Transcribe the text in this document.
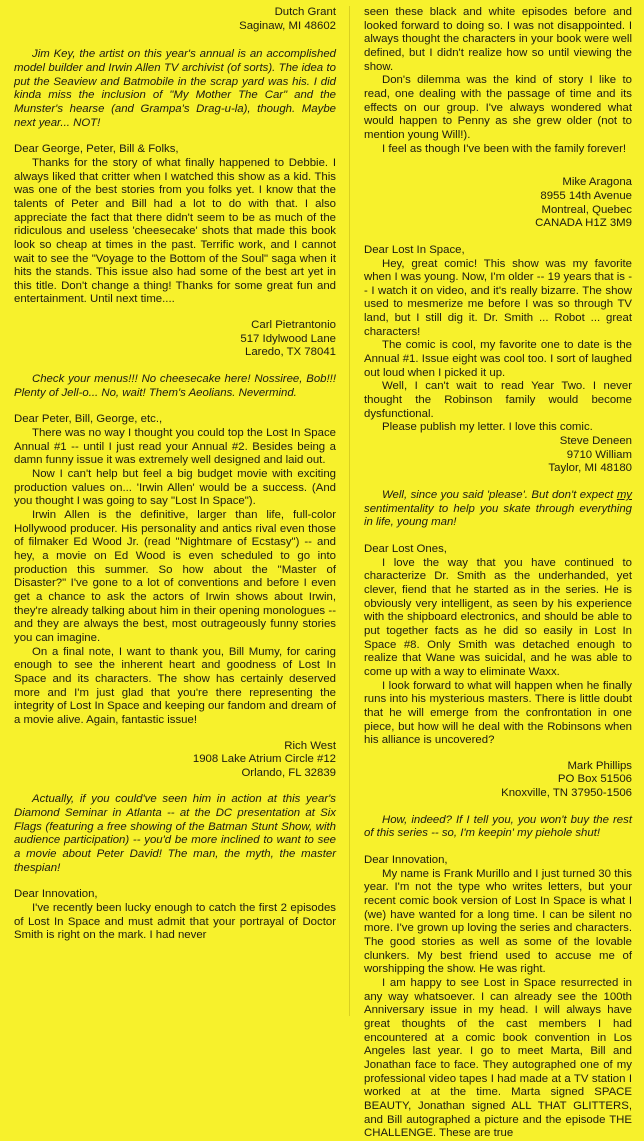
Dutch Grant

Saginaw, MI 48602

Jim Key, the artist on this year's annual is an accomplished model builder and Irwin Allen TV archivist (of sorts). The idea to put the Seaview and Batmobile in the scrap yard was his. I did kinda miss the inclusion of "My Mother The Car" and the Munster's hearse (and Grampa's Drag-u-la), though. Maybe next year... NOT!

Dear George, Peter, Bill & Folks,

Thanks for the story of what finally happened to Debbie. I always liked that critter when I watched this show as a kid. This was one of the best stories from you folks yet. I know that the talents of Peter and Bill had a lot to do with that. I also appreciate the fact that there didn't seem to be as much of the ridiculous and useless 'cheesecake' shots that made this book look so cheap at times in the past. Terrific work, and I cannot wait to see the "Voyage to the Bottom of the Soul" saga when it hits the stands. This issue also had some of the best art yet in this title. Don't change a thing! Thanks for some great fun and entertainment. Until next time....

Carl Pietrantonio

517 Idylwood Lane

Laredo, TX 78041

Check your menus!!! No cheesecake here! Nossiree, Bob!!! Plenty of Jell-o... No, wait! Them's Aeolians. Nevermind.

Dear Peter, Bill, George, etc.,

There was no way I thought you could top the Lost In Space Annual #1 -- until I just read your Annual #2. Besides being a damn funny issue it was extremely well designed and laid out.

Now I can't help but feel a big budget movie with exciting production values on... 'Irwin Allen' would be a success. (And you thought I was going to say "Lost In Space").

Irwin Allen is the definitive, larger than life, full-color Hollywood producer. His personality and antics rival even those of filmaker Ed Wood Jr. (read "Nightmare of Ecstasy") -- and hey, a movie on Ed Wood is even scheduled to go into production this summer. So how about the "Master of Disaster?" I've gone to a lot of conventions and before I even get a chance to ask the actors of Irwin shows about Irwin, they're already talking about him in their opening monologues -- and they are always the best, most outrageously funny stories you can imagine.

On a final note, I want to thank you, Bill Mumy, for caring enough to see the inherent heart and goodness of Lost In Space and its characters. The show has certainly deserved more and I'm just glad that you're there representing the integrity of Lost In Space and keeping our fandom and dream of a movie alive. Again, fantastic issue!

Rich West

1908 Lake Atrium Circle #12

Orlando, FL 32839

Actually, if you could've seen him in action at this year's Diamond Seminar in Atlanta -- at the DC presentation at Six Flags (featuring a free showing of the Batman Stunt Show, with audience participation) -- you'd be more inclined to want to see a movie about Peter David! The man, the myth, the master thespian!

Dear Innovation,

I've recently been lucky enough to catch the first 2 episodes of Lost In Space and must admit that your portrayal of Doctor Smith is right on the mark. I had never

seen these black and white episodes before and looked forward to doing so. I was not disappointed. I always thought the characters in your book were well defined, but I didn't realize how so until viewing the show.

Don's dilemma was the kind of story I like to read, one dealing with the passage of time and its effects on our group. I've always wondered what would happen to Penny as she grew older (not to mention young Will!).

I feel as though I've been with the family forever!

Mike Aragona

8955 14th Avenue

Montreal, Quebec

CANADA H1Z 3M9

Dear Lost In Space,

Hey, great comic! This show was my favorite when I was young. Now, I'm older -- 19 years that is -- I watch it on video, and it's really bizarre. The show used to mesmerize me before I was so through TV land, but I still dig it. Dr. Smith ... Robot ... great characters!

The comic is cool, my favorite one to date is the Annual #1. Issue eight was cool too. I sort of laughed out loud when I picked it up.

Well, I can't wait to read Year Two. I never thought the Robinson family would become dysfunctional.

Please publish my letter. I love this comic.

Steve Deneen

9710 William

Taylor, MI 48180

Well, since you said 'please'. But don't expect my sentimentality to help you skate through everything in life, young man!

Dear Lost Ones,

I love the way that you have continued to characterize Dr. Smith as the underhanded, yet clever, fiend that he started as in the series. He is obviously very intelligent, as seen by his experience with the shipboard electronics, and should be able to put together facts as he did so easily in Lost In Space #8. Only Smith was detached enough to realize that Wane was suicidal, and he was able to come up with a way to eliminate Waxx.

I look forward to what will happen when he finally runs into his mysterious masters. There is little doubt that he will emerge from the confrontation in one piece, but how will he deal with the Robinsons when his alliance is uncovered?

Mark Phillips

PO Box 51506

Knoxville, TN 37950-1506

How, indeed? If I tell you, you won't buy the rest of this series -- so, I'm keepin' my piehole shut!

Dear Innovation,

My name is Frank Murillo and I just turned 30 this year. I'm not the type who writes letters, but your recent comic book version of Lost In Space is what I (we) have wanted for a long time. I can be silent no more. I've grown up loving the series and characters. The good stories as well as some of the lovable clunkers. My best friend used to accuse me of worshipping the show. He was right.

I am happy to see Lost in Space resurrected in any way whatsoever. I can already see the 100th Anniversary issue in my head. I will always have great thoughts of the cast members I had encountered at a comic book convention in Los Angeles last year. I go to meet Marta, Bill and Jonathan face to face. They autographed one of my professional video tapes I had made at a TV station I worked at at the time. Marta signed SPACE BEAUTY, Jonathan signed ALL THAT GLITTERS, and Bill autographed a picture and the episode THE CHALLENGE. These are true
